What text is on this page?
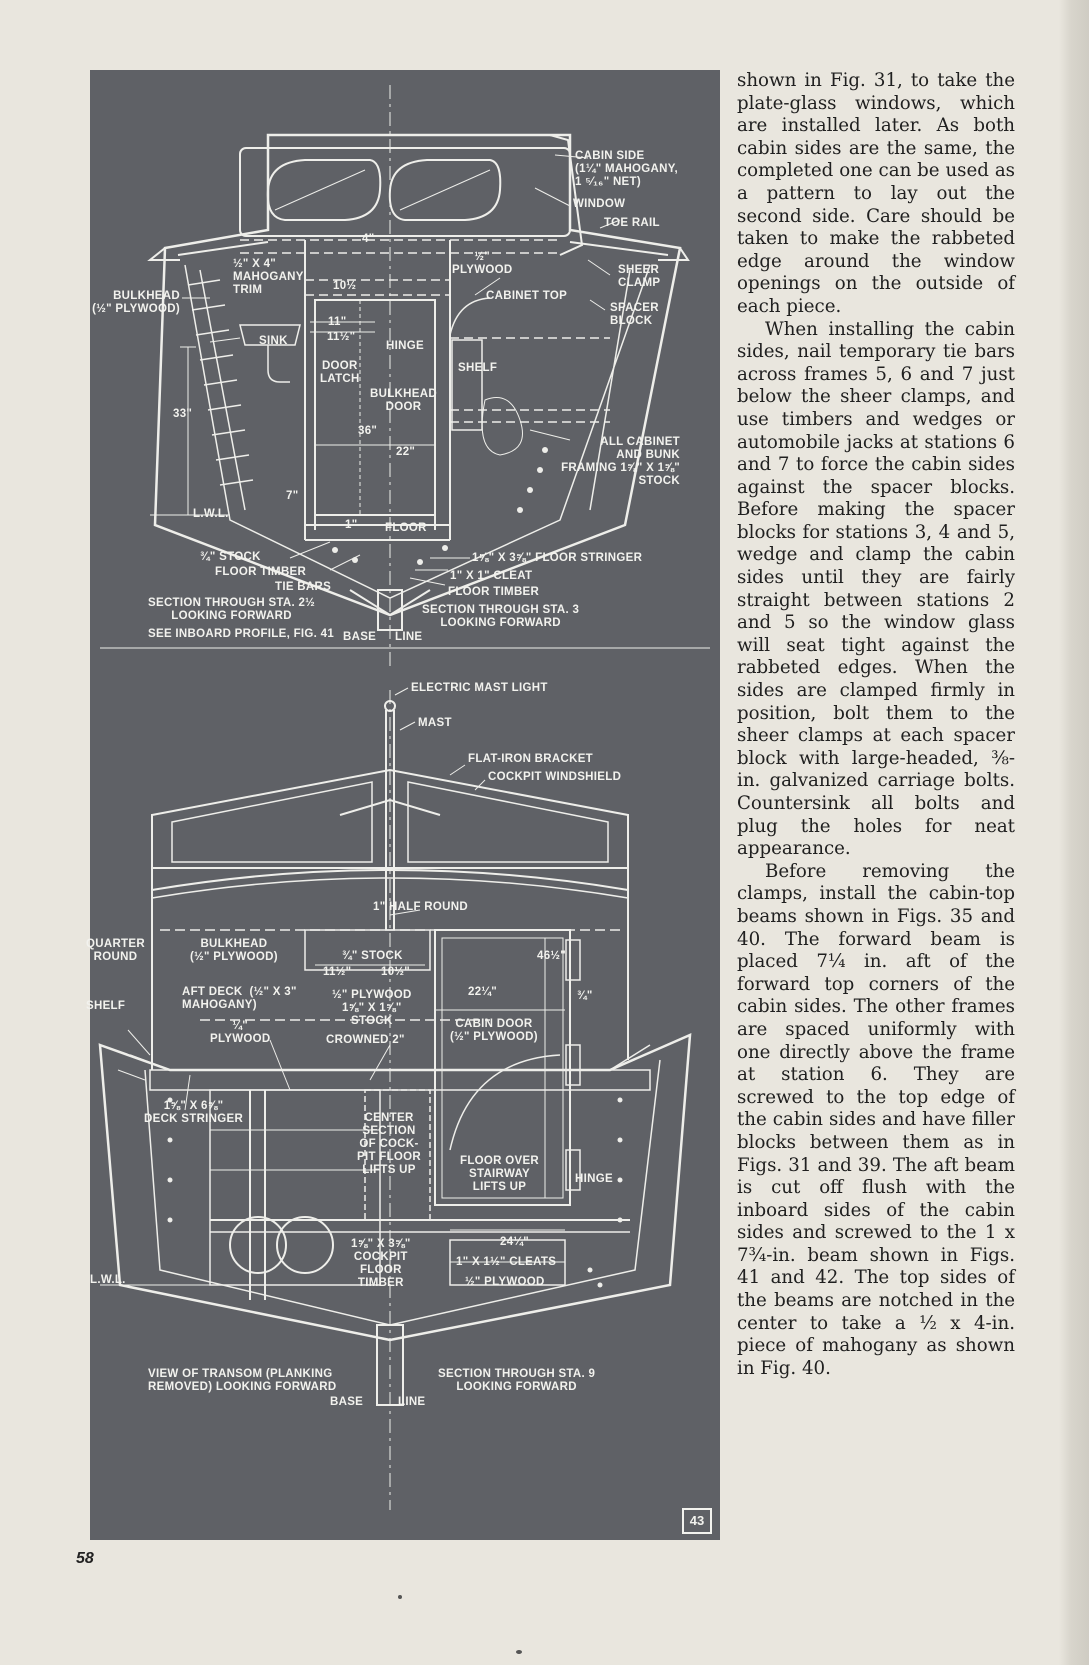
CABIN SIDE
(1¼" MAHOGANY,
1 ⁵⁄₁₆" NET)
WINDOW
TOE RAIL
SHEER
CLAMP
SPACER
BLOCK
CABINET TOP
½"
PLYWOOD
4"
½" X 4"
MAHOGANY
TRIM	10½
BULKHEAD
(½" PLYWOOD)
11"
11½"
HINGE
SINK
DOOR
LATCH
SHELF
BULKHEAD
DOOR
33"
36"
22"
ALL CABINET
AND BUNK
FRAMING 1⅝" X 1⅝"
STOCK
L.W.L.
7"
1" FLOOR
¾" STOCK
FLOOR TIMBER
TIE BARS
1⅝" X 3⅝" FLOOR STRINGER
1" X 1" CLEAT
FLOOR TIMBER
SECTION THROUGH STA. 2½
LOOKING FORWARD	SECTION THROUGH STA. 3
LOOKING FORWARD
SEE INBOARD PROFILE, FIG. 41 BASE LINE
ELECTRIC MAST LIGHT
MAST
FLAT-IRON BRACKET
COCKPIT WINDSHIELD
1" HALF ROUND
QUARTER
ROUND
BULKHEAD
(½" PLYWOOD)	¾" STOCK
11½"	10½"
46½"
AFT DECK  (½" X 3"
MAHOGANY)
SHELF
½" PLYWOOD
1⅝" X 1⅝"
STOCK
22¼"	¾"
¼"
PLYWOOD	CROWNED 2"
CABIN DOOR
(½" PLYWOOD)
1⅝" X 6⅝"
DECK STRINGER	CENTER
SECTION
OF COCK-
PIT FLOOR
LIFTS UP
FLOOR OVER
STAIRWAY
LIFTS UP
HINGE
1⅝" X 3⅝"
COCKPIT
FLOOR
TIMBER
24¼"
1" X 1½" CLEATS
½" PLYWOOD
L.W.L.
VIEW OF TRANSOM (PLANKING
REMOVED) LOOKING FORWARD
SECTION THROUGH STA. 9
LOOKING FORWARD
BASE	LINE
43

shown in Fig. 31, to take the plate-glass windows, which are installed later. As both cabin sides are the same, the completed one can be used as a pattern to lay out the second side. Care should be taken to make the rabbeted edge around the window openings on the outside of each piece.

When installing the cabin sides, nail temporary tie bars across frames 5, 6 and 7 just below the sheer clamps, and use timbers and wedges or automobile jacks at stations 6 and 7 to force the cabin sides against the spacer blocks. Before making the spacer blocks for stations 3, 4 and 5, wedge and clamp the cabin sides until they are fairly straight between stations 2 and 5 so the window glass will seat tight against the rabbeted edges. When the sides are clamped firmly in position, bolt them to the sheer clamps at each spacer block with large-headed, ⅜-in. galvanized carriage bolts. Countersink all bolts and plug the holes for neat appearance.

Before removing the clamps, install the cabin-top beams shown in Figs. 35 and 40. The forward beam is placed 7¼ in. aft of the forward top corners of the cabin sides. The other frames are spaced uniformly with one directly above the frame at station 6. They are screwed to the top edge of the cabin sides and have filler blocks between them as in Figs. 31 and 39. The aft beam is cut off flush with the inboard sides of the cabin sides and screwed to the 1 x 7¾-in. beam shown in Figs. 41 and 42. The top sides of the beams are notched in the center to take a ½ x 4-in. piece of mahogany as shown in Fig. 40.

58
